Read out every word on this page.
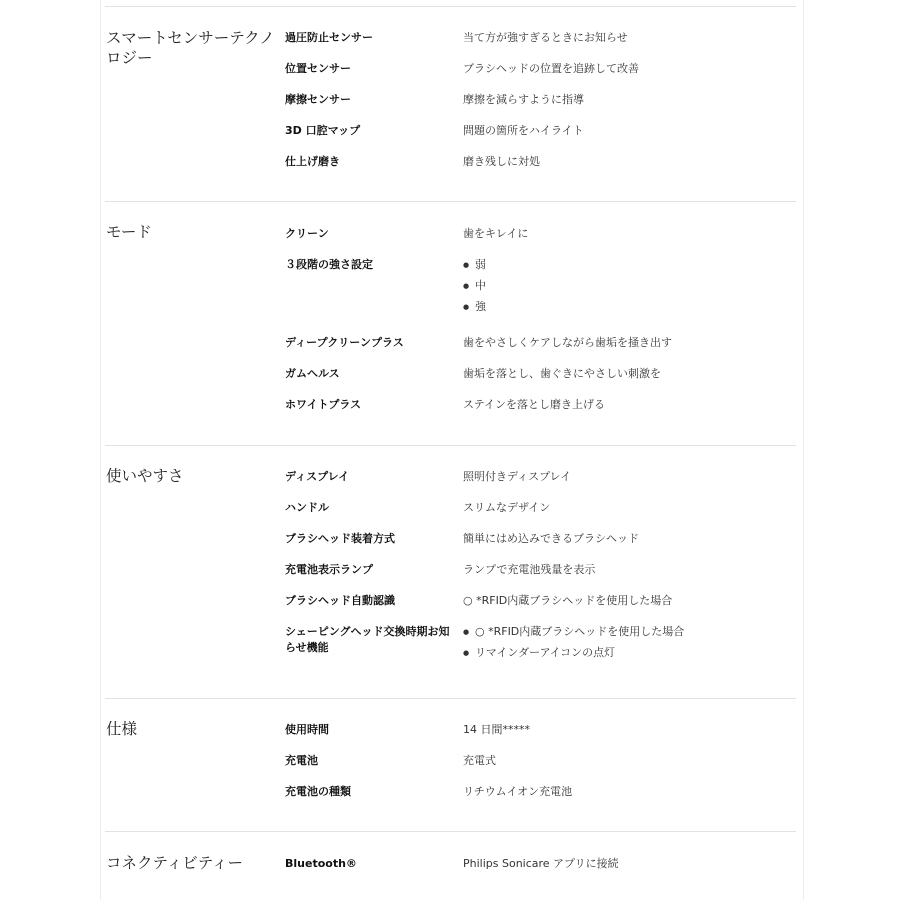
スマートセンサーテクノロジー
過圧防止センサー	当て方が強すぎるときにお知らせ
位置センサー	ブラシヘッドの位置を追跡して改善
摩擦センサー	摩擦を減らすように指導
3D 口腔マップ	問題の箇所をハイライト
仕上げ磨き	磨き残しに対処
モード	クリーン	歯をキレイに
３段階の強さ設定
●	弱
● 中
● 強
ディープクリーンプラス	歯をやさしくケアしながら歯垢を掻き出す
ガムヘルス	歯垢を落とし、歯ぐきにやさしい刺激を
ホワイトプラス	ステインを落とし磨き上げる
使いやすさ	ディスプレイ	照明付きディスプレイ
ハンドル	スリムなデザイン
ブラシヘッド装着方式	簡単にはめ込みできるブラシヘッド
充電池表示ランプ	ランプで充電池残量を表示
ブラシヘッド自動認識	○ *RFID内蔵ブラシヘッドを使用した場合
シェーピングヘッド交換時期お知らせ機能
● ○ *RFID内蔵ブラシヘッドを使用した場合
● リマインダーアイコンの点灯
仕様	使用時間	14 日間*****
充電池	充電式
充電池の種類	リチウムイオン充電池
コネクティビティー	Bluetooth®	Philips Sonicare アプリに接続
